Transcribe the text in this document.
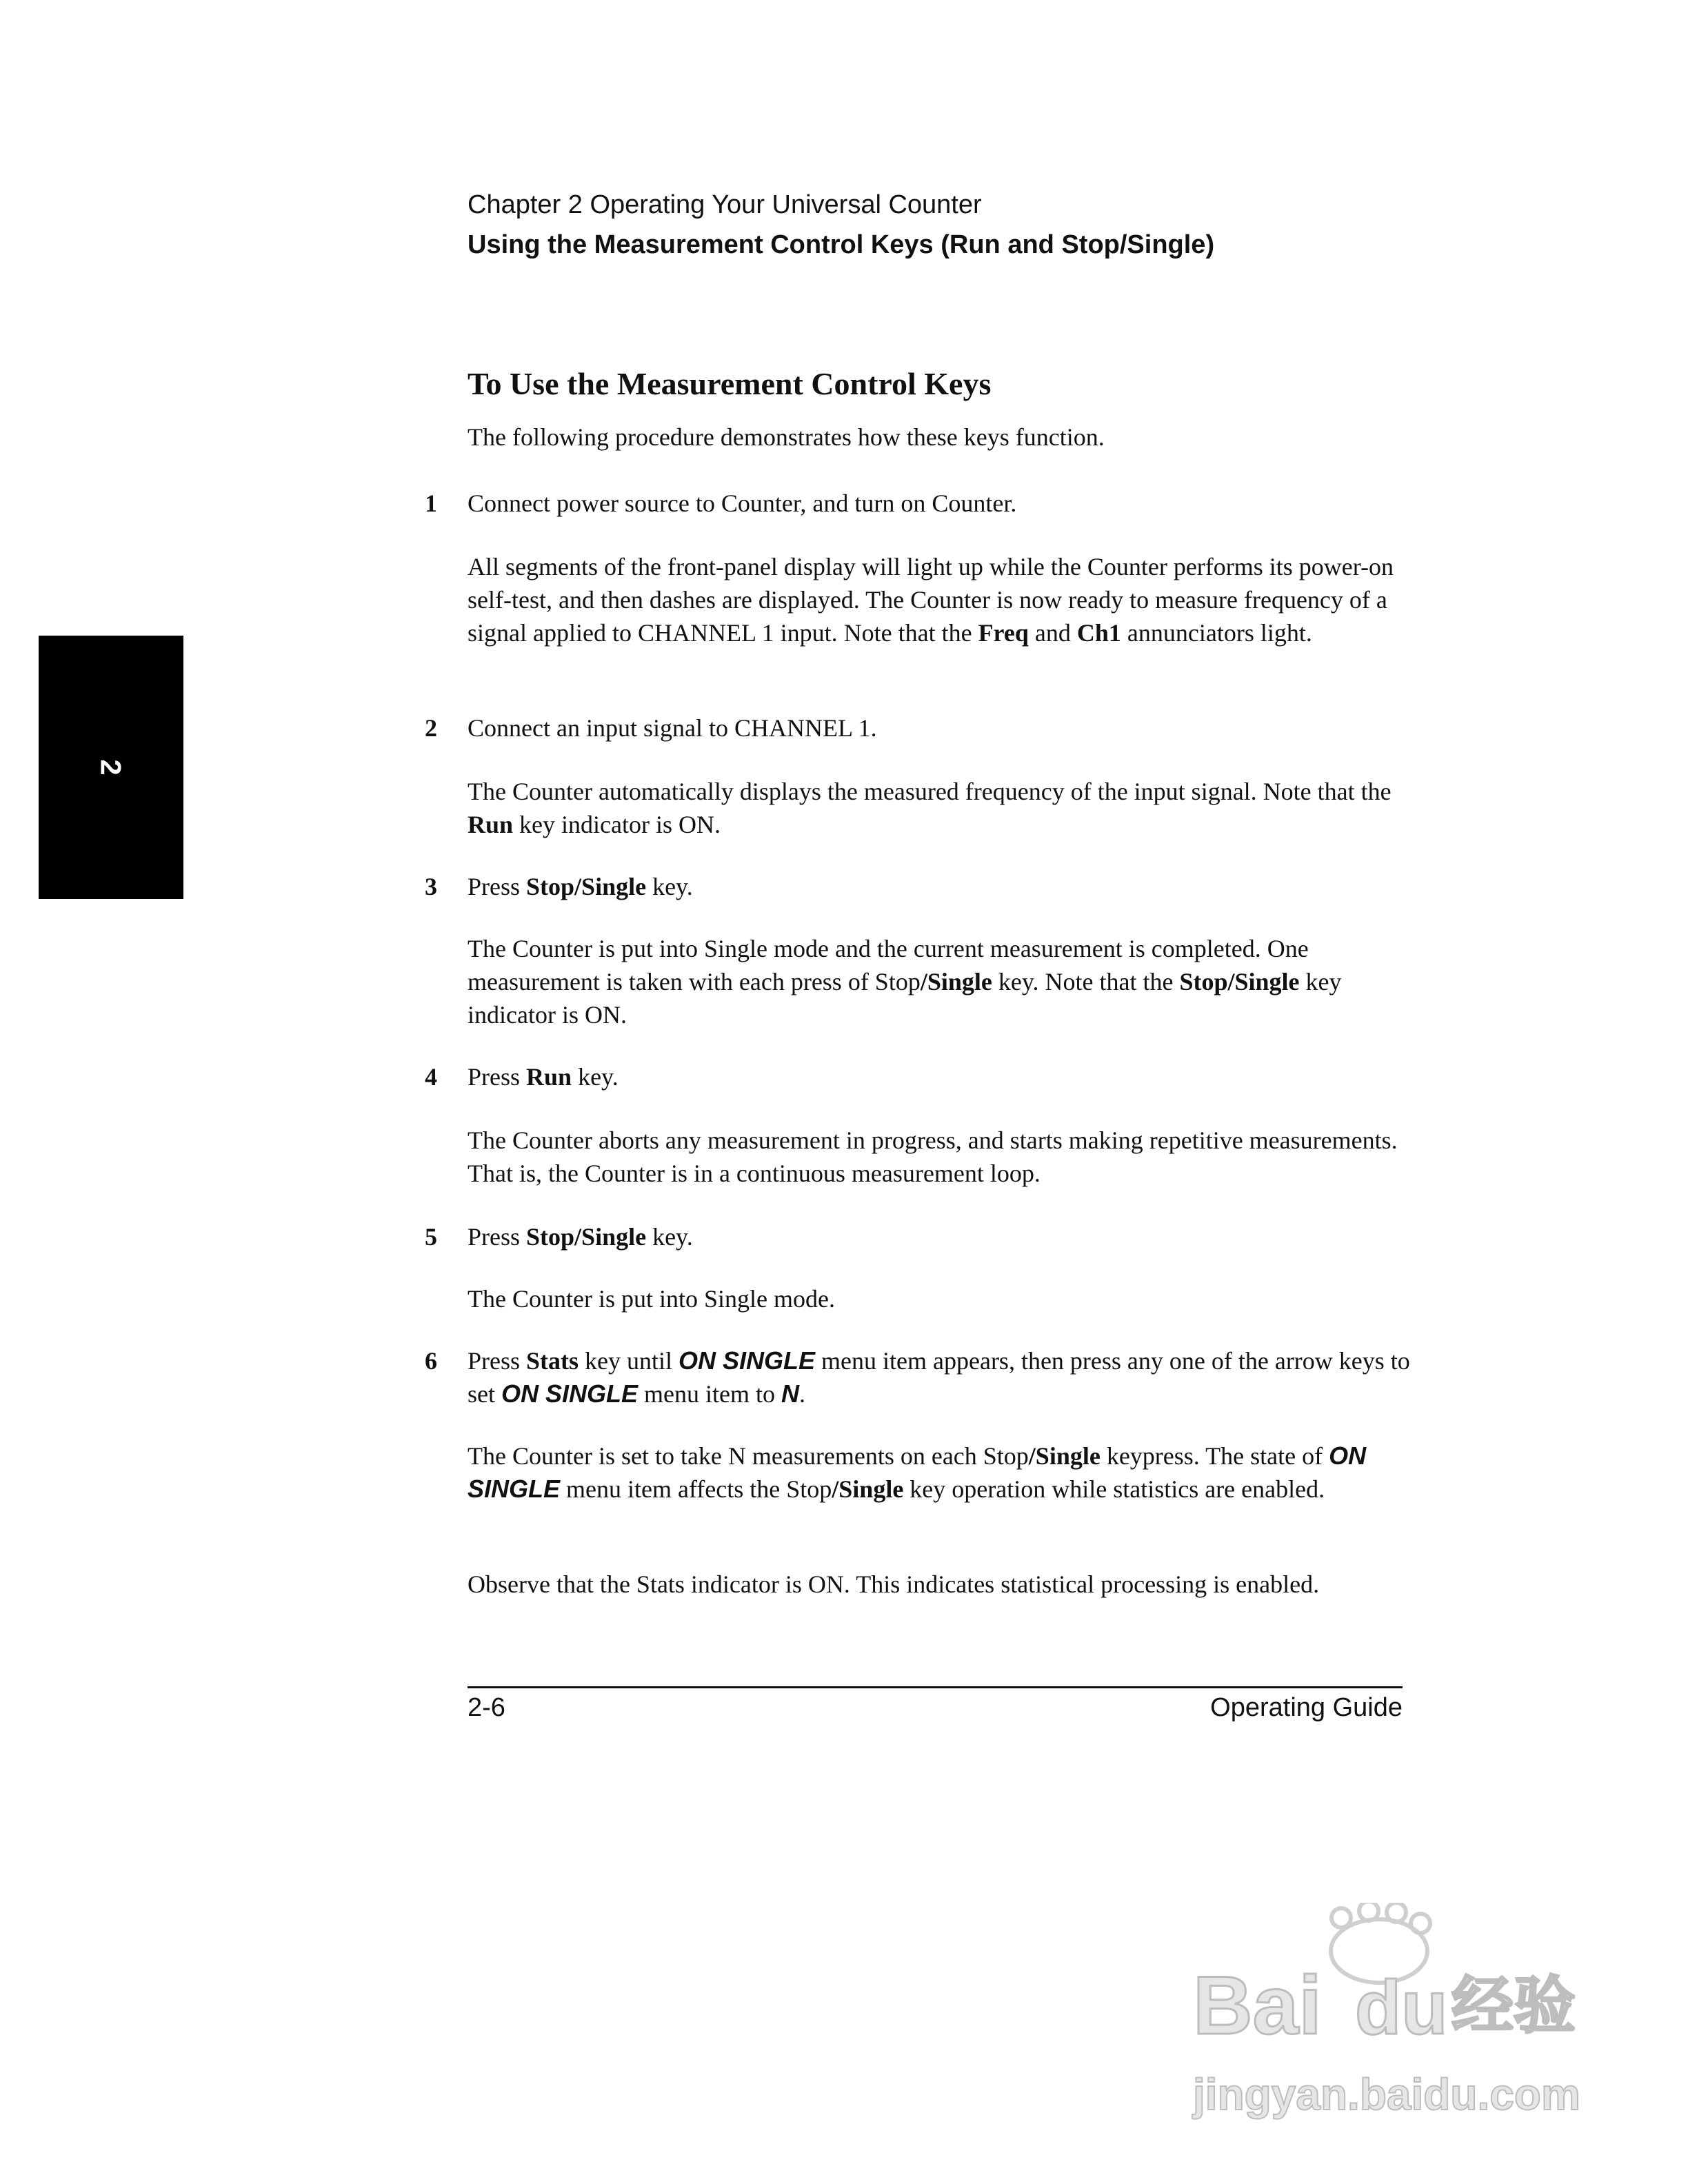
Chapter 2 Operating Your Universal Counter
Using the Measurement Control Keys (Run and Stop/Single)
2
To Use the Measurement Control Keys
The following procedure demonstrates how these keys function.
1 Connect power source to Counter, and turn on Counter.
All segments of the front-panel display will light up while the Counter performs its power-on self-test, and then dashes are displayed. The Counter is now ready to measure frequency of a signal applied to CHANNEL 1 input. Note that the Freq and Ch1 annunciators light.
2 Connect an input signal to CHANNEL 1.
The Counter automatically displays the measured frequency of the input signal. Note that the Run key indicator is ON.
3 Press Stop/Single key.
The Counter is put into Single mode and the current measurement is completed. One measurement is taken with each press of Stop/Single key. Note that the Stop/Single key indicator is ON.
4 Press Run key.
The Counter aborts any measurement in progress, and starts making repetitive measurements. That is, the Counter is in a continuous measurement loop.
5 Press Stop/Single key.
The Counter is put into Single mode.
6 Press Stats key until ON SINGLE menu item appears, then press any one of the arrow keys to set ON SINGLE menu item to N.
The Counter is set to take N measurements on each Stop/Single keypress. The state of ON SINGLE menu item affects the Stop/Single key operation while statistics are enabled.
Observe that the Stats indicator is ON. This indicates statistical processing is enabled.
2-6	Operating Guide
Bai du 经验
jingyan.baidu.com
